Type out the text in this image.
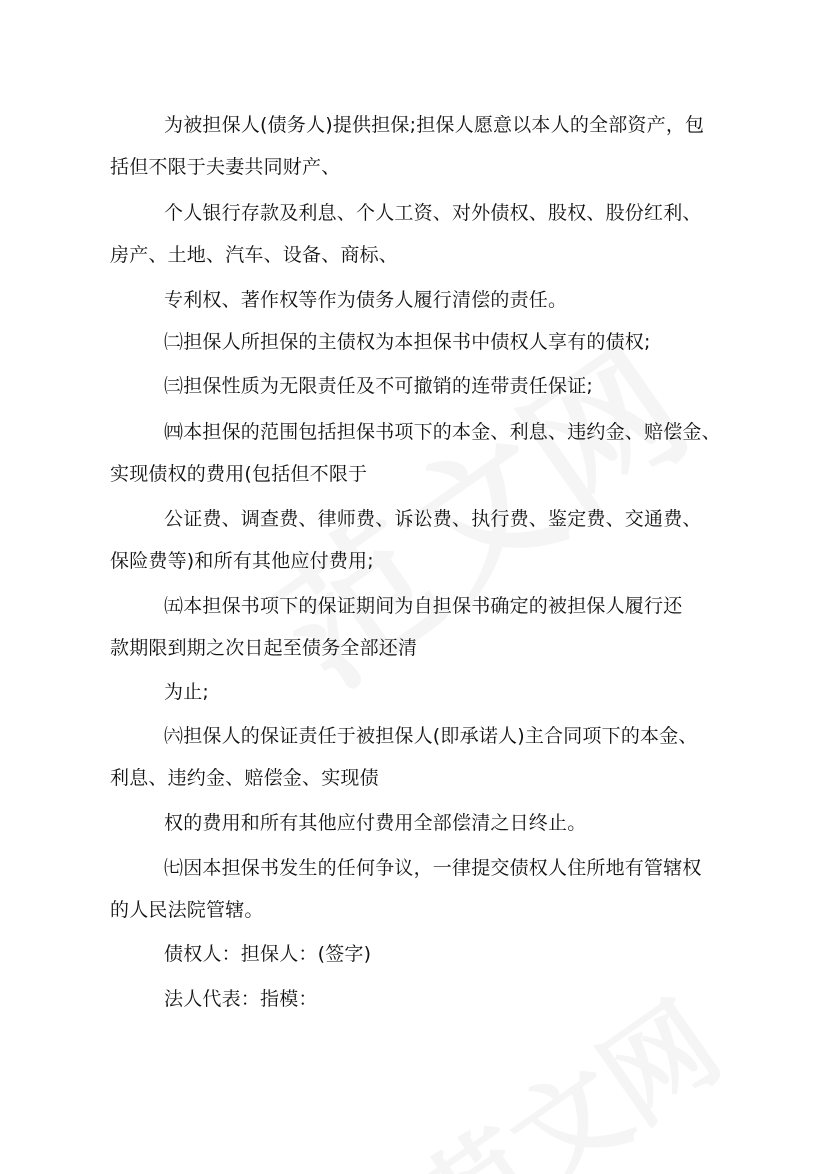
为被担保人(债务人)提供担保;担保人愿意以本人的全部资产，包
括但不限于夫妻共同财产、
个人银行存款及利息、个人工资、对外债权、股权、股份红利、
房产、土地、汽车、设备、商标、
专利权、著作权等作为债务人履行清偿的责任。
㈡担保人所担保的主债权为本担保书中债权人享有的债权;
㈢担保性质为无限责任及不可撤销的连带责任保证;
㈣本担保的范围包括担保书项下的本金、利息、违约金、赔偿金、
实现债权的费用(包括但不限于
公证费、调查费、律师费、诉讼费、执行费、鉴定费、交通费、
保险费等)和所有其他应付费用;
㈤本担保书项下的保证期间为自担保书确定的被担保人履行还
款期限到期之次日起至债务全部还清
为止;
㈥担保人的保证责任于被担保人(即承诺人)主合同项下的本金、
利息、违约金、赔偿金、实现债
权的费用和所有其他应付费用全部偿清之日终止。
㈦因本担保书发生的任何争议，一律提交债权人住所地有管辖权
的人民法院管辖。
债权人：担保人：(签字)
法人代表：指模：
